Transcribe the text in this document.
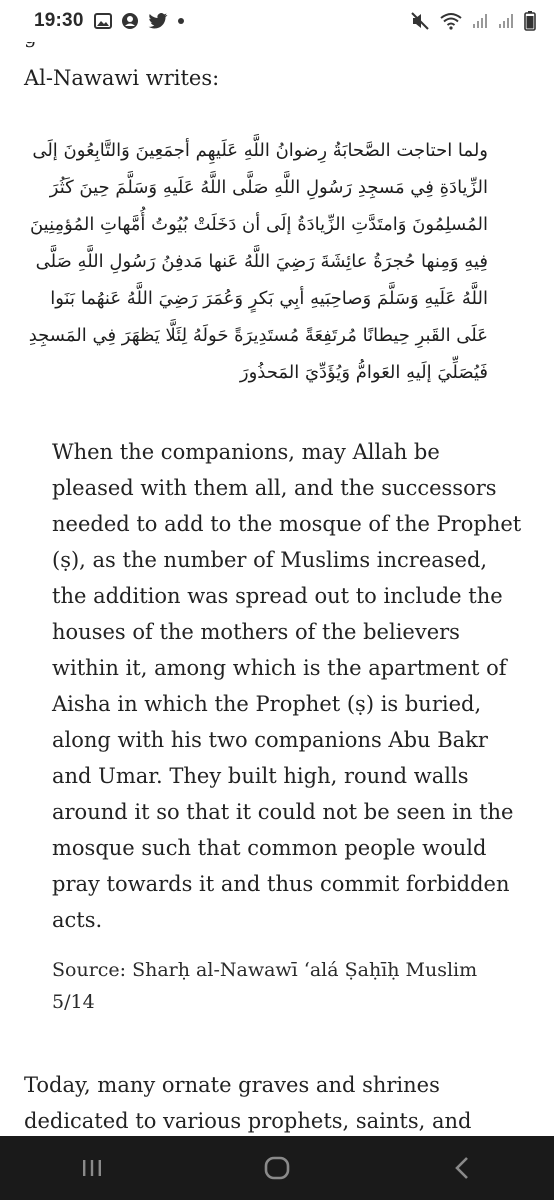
Al-Nawawi writes:

ولما احتاجت الصَّحابَةُ رِضوانُ اللَّهِ عَلَيهِم أجمَعِينَ وَالتَّابِعُونَ إلَى الزِّيادَةِ فِي مَسجِدِ رَسُولِ اللَّهِ صَلَّى اللَّهُ عَلَيهِ وَسَلَّمَ حِينَ كَثُرَ المُسلِمُونَ وَامتَدَّتِ الزِّيادَةُ إلَى أن دَخَلَتْ بُيُوتُ أُمَّهاتِ المُؤمِنِينَ فِيهِ وَمِنها حُجرَةُ عائِشَةَ رَضِيَ اللَّهُ عَنها مَدفِنُ رَسُولِ اللَّهِ صَلَّى اللَّهُ عَلَيهِ وَسَلَّمَ وَصاحِبَيهِ أبِي بَكرٍ وَعُمَرَ رَضِيَ اللَّهُ عَنهُما بَنَوا عَلَى القَبرِ حِيطانًا مُرتَفِعَةً مُستَدِيرَةً حَولَهُ لِئَلَّا يَظهَرَ فِي المَسجِدِ فَيُصَلِّيَ إلَيهِ العَوامُّ وَيُؤَدِّيَ المَحذُورَ

When the companions, may Allah be pleased with them all, and the successors needed to add to the mosque of the Prophet (ṣ), as the number of Muslims increased, the addition was spread out to include the houses of the mothers of the believers within it, among which is the apartment of Aisha in which the Prophet (ṣ) is buried, along with his two companions Abu Bakr and Umar. They built high, round walls around it so that it could not be seen in the mosque such that common people would pray towards it and thus commit forbidden acts.

Source: Sharḥ al-Nawawī ‘alá Ṣaḥīḥ Muslim 5/14

Today, many ornate graves and shrines dedicated to various prophets, saints, and

19:30
